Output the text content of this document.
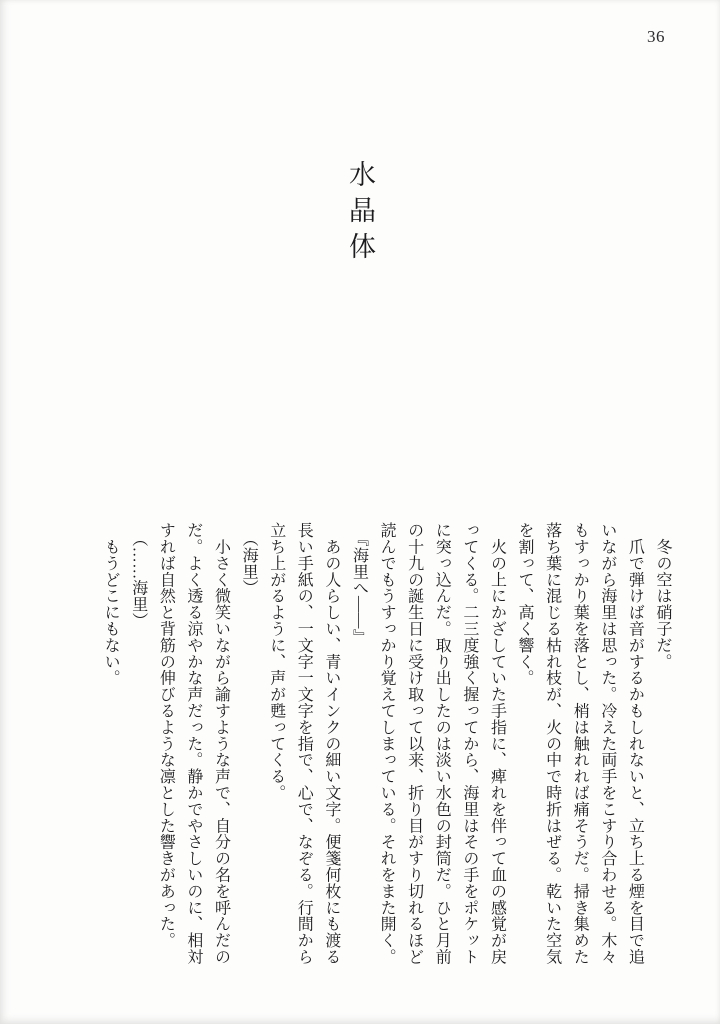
36
水晶体
　冬の空は硝子だ。
　爪で弾けば音がするかもしれないと、立ち上る煙を目で追
いながら海里は思った。冷えた両手をこすり合わせる。木々
もすっかり葉を落とし、梢は触れれば痛そうだ。掃き集めた
落ち葉に混じる枯れ枝が、火の中で時折はぜる。乾いた空気
を割って、高く響く。
　火の上にかざしていた手指に、痺れを伴って血の感覚が戻
ってくる。二三度強く握ってから、海里はその手をポケット
に突っ込んだ。取り出したのは淡い水色の封筒だ。ひと月前
の十九の誕生日に受け取って以来、折り目がすり切れるほど
読んでもうすっかり覚えてしまっている。それをまた開く。
　『海里へ――』
　あの人らしい、青いインクの細い文字。便箋何枚にも渡る
長い手紙の、一文字一文字を指で、心で、なぞる。行間から
立ち上がるように、声が甦ってくる。
　（海里）
　小さく微笑いながら諭すような声で、自分の名を呼んだの
だ。よく透る涼やかな声だった。静かでやさしいのに、相対
すれば自然と背筋の伸びるような凛とした響きがあった。
　（……海里）
　もうどこにもない。
